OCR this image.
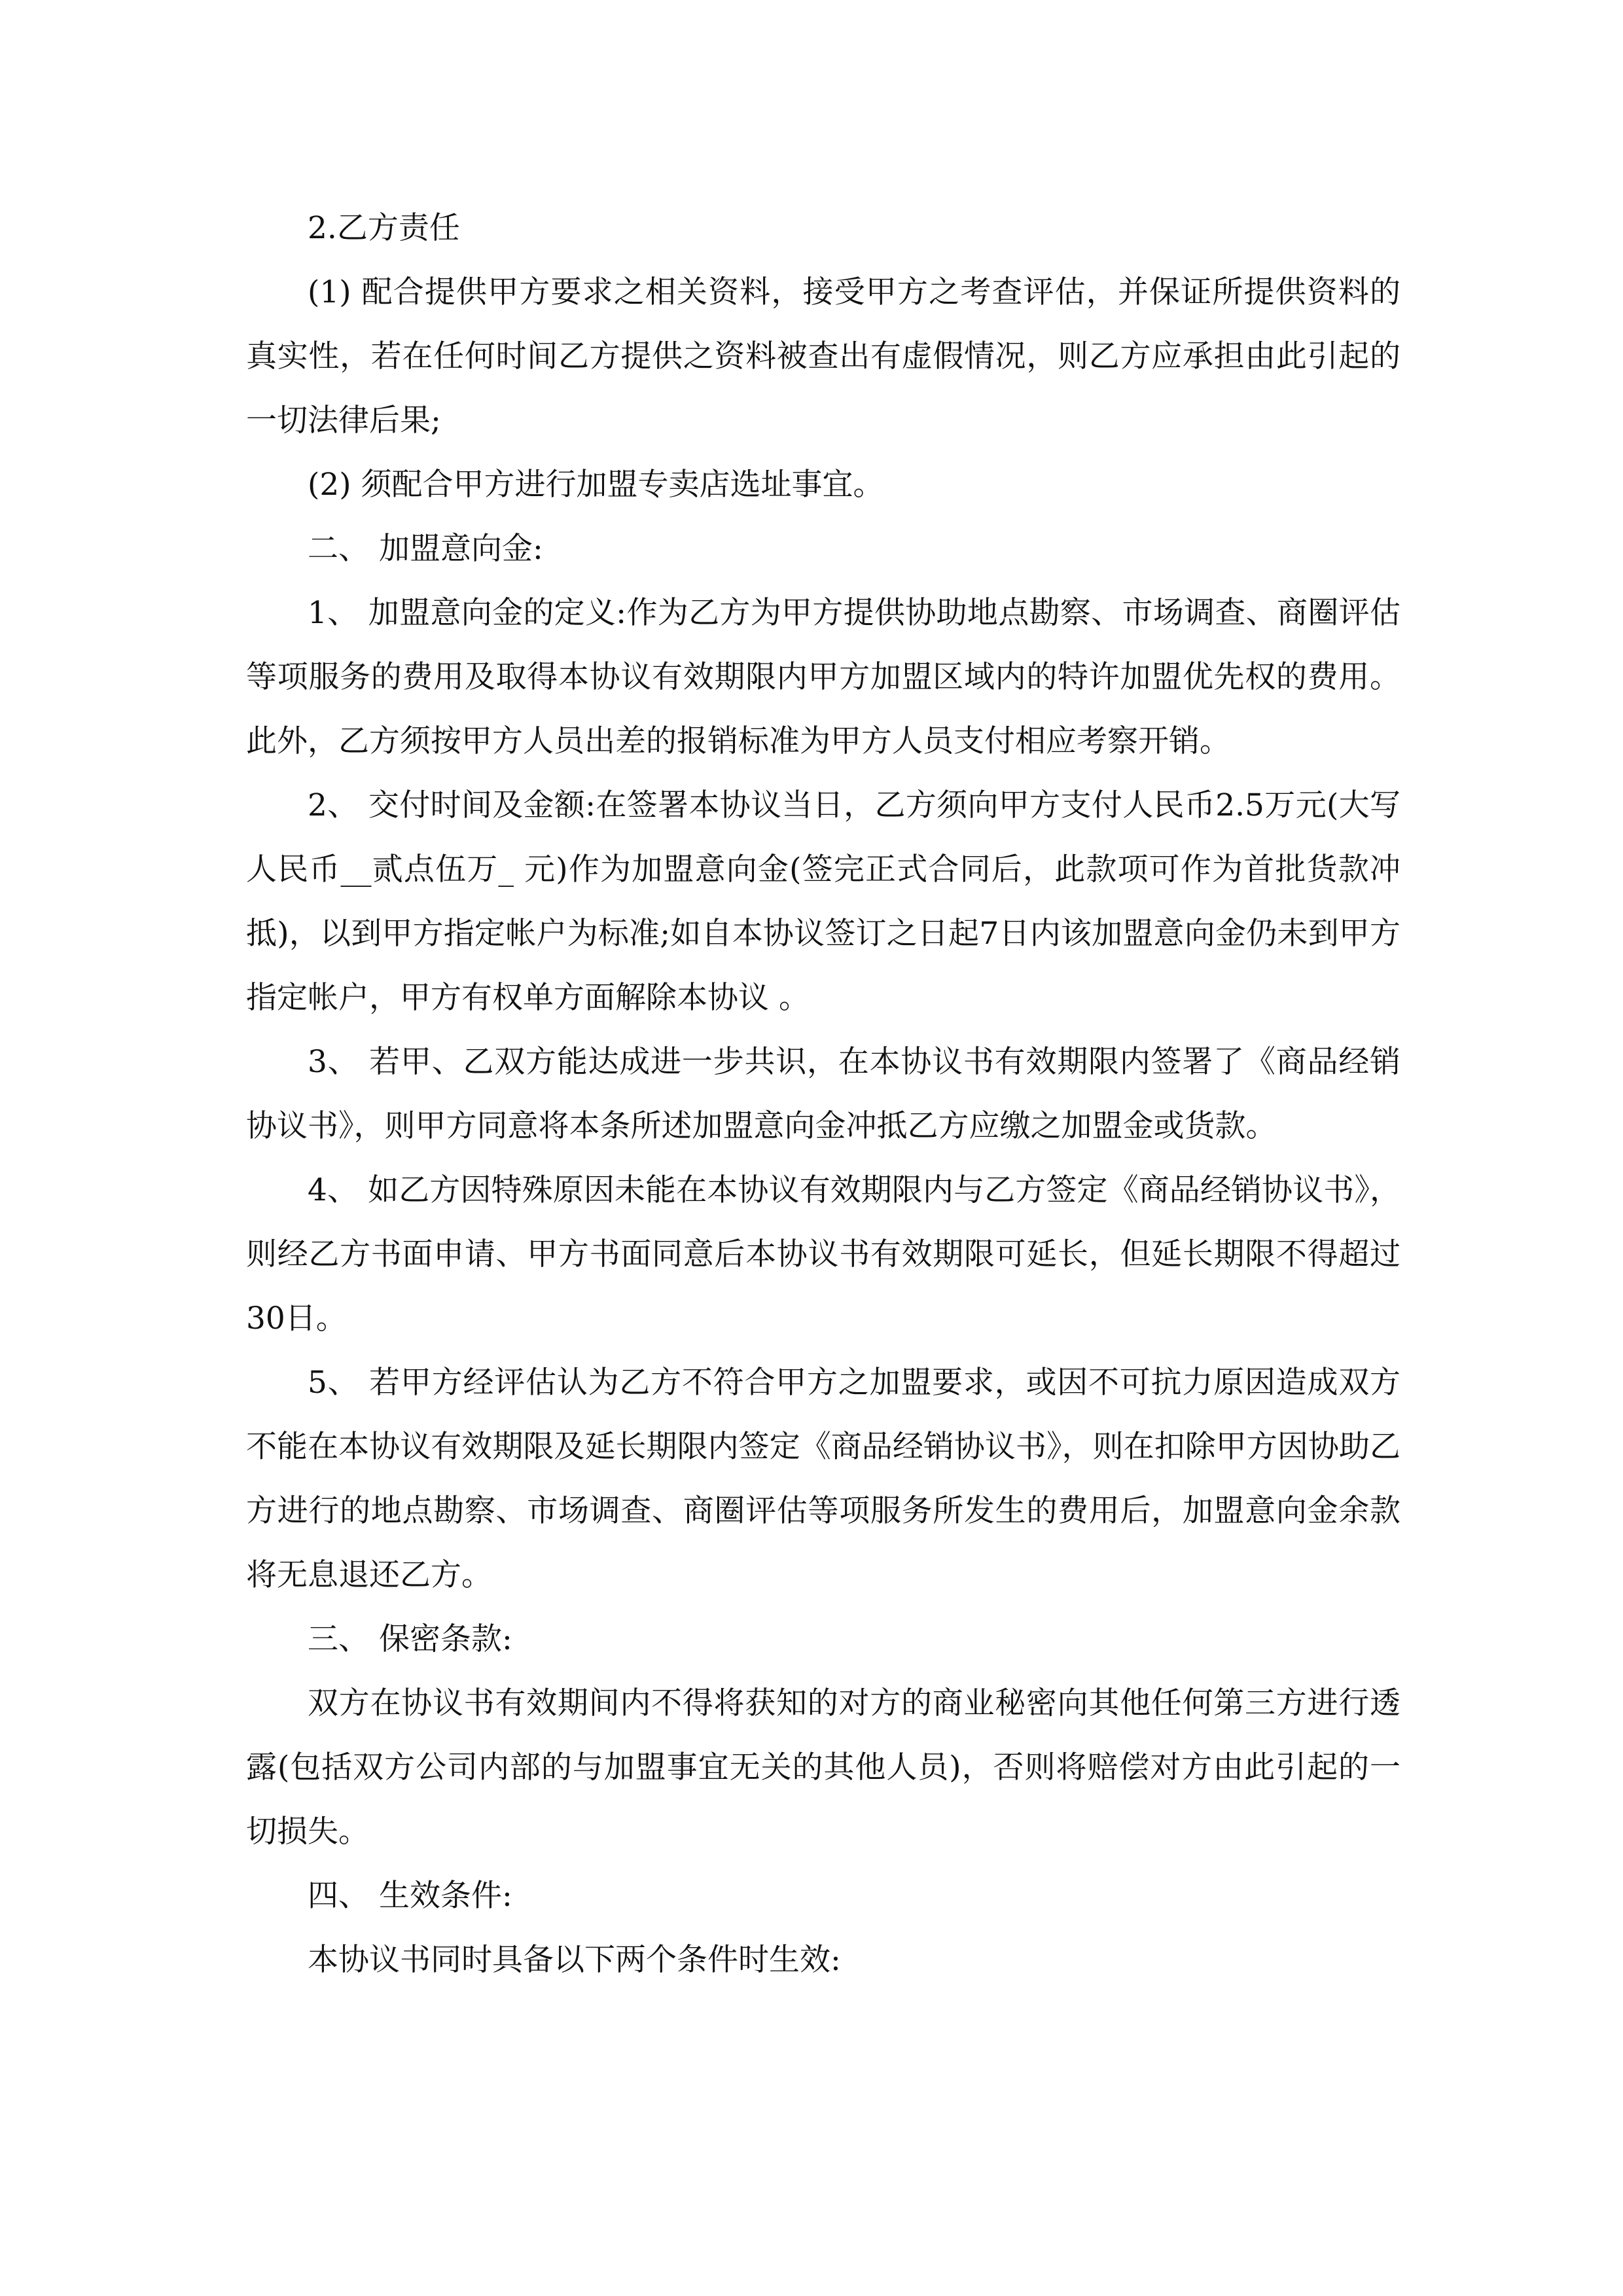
2.乙方责任

(1) 配合提供甲方要求之相关资料，接受甲方之考查评估，并保证所提供资料的真实性，若在任何时间乙方提供之资料被查出有虚假情况，则乙方应承担由此引起的一切法律后果;

(2) 须配合甲方进行加盟专卖店选址事宜。

二、 加盟意向金:

1、 加盟意向金的定义:作为乙方为甲方提供协助地点勘察、市场调查、商圈评估等项服务的费用及取得本协议有效期限内甲方加盟区域内的特许加盟优先权的费用。此外，乙方须按甲方人员出差的报销标准为甲方人员支付相应考察开销。

2、 交付时间及金额:在签署本协议当日，乙方须向甲方支付人民币2.5万元(大写人民币__贰点伍万_ 元)作为加盟意向金(签完正式合同后，此款项可作为首批货款冲抵)，以到甲方指定帐户为标准;如自本协议签订之日起7日内该加盟意向金仍未到甲方指定帐户，甲方有权单方面解除本协议 。

3、 若甲、乙双方能达成进一步共识，在本协议书有效期限内签署了《商品经销协议书》，则甲方同意将本条所述加盟意向金冲抵乙方应缴之加盟金或货款。

4、 如乙方因特殊原因未能在本协议有效期限内与乙方签定《商品经销协议书》，则经乙方书面申请、甲方书面同意后本协议书有效期限可延长，但延长期限不得超过30日。

5、 若甲方经评估认为乙方不符合甲方之加盟要求，或因不可抗力原因造成双方不能在本协议有效期限及延长期限内签定《商品经销协议书》，则在扣除甲方因协助乙方进行的地点勘察、市场调查、商圈评估等项服务所发生的费用后，加盟意向金余款将无息退还乙方。

三、 保密条款:

双方在协议书有效期间内不得将获知的对方的商业秘密向其他任何第三方进行透露(包括双方公司内部的与加盟事宜无关的其他人员)，否则将赔偿对方由此引起的一切损失。

四、 生效条件:

本协议书同时具备以下两个条件时生效:
